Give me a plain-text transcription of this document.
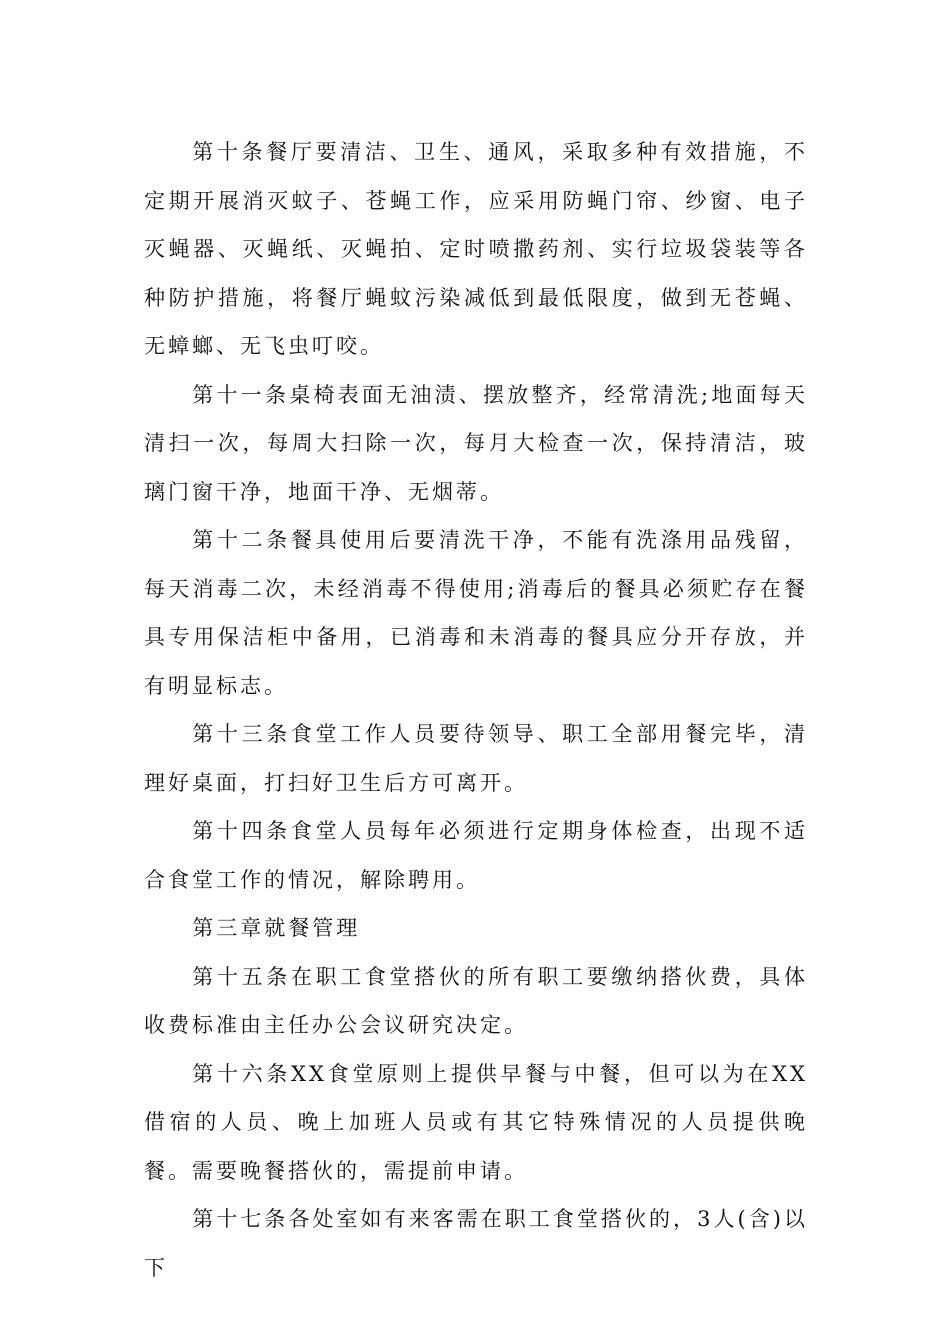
第十条餐厅要清洁、卫生、通风，采取多种有效措施，不定期开展消灭蚊子、苍蝇工作，应采用防蝇门帘、纱窗、电子灭蝇器、灭蝇纸、灭蝇拍、定时喷撒药剂、实行垃圾袋装等各种防护措施，将餐厅蝇蚊污染减低到最低限度，做到无苍蝇、无蟑螂、无飞虫叮咬。

第十一条桌椅表面无油渍、摆放整齐，经常清洗;地面每天清扫一次，每周大扫除一次，每月大检查一次，保持清洁，玻璃门窗干净，地面干净、无烟蒂。

第十二条餐具使用后要清洗干净，不能有洗涤用品残留，每天消毒二次，未经消毒不得使用;消毒后的餐具必须贮存在餐具专用保洁柜中备用，已消毒和未消毒的餐具应分开存放，并有明显标志。

第十三条食堂工作人员要待领导、职工全部用餐完毕，清理好桌面，打扫好卫生后方可离开。

第十四条食堂人员每年必须进行定期身体检查，出现不适合食堂工作的情况，解除聘用。

第三章就餐管理

第十五条在职工食堂搭伙的所有职工要缴纳搭伙费，具体收费标准由主任办公会议研究决定。

第十六条XX食堂原则上提供早餐与中餐，但可以为在XX借宿的人员、晚上加班人员或有其它特殊情况的人员提供晚餐。需要晚餐搭伙的，需提前申请。

第十七条各处室如有来客需在职工食堂搭伙的，3人(含)以下
